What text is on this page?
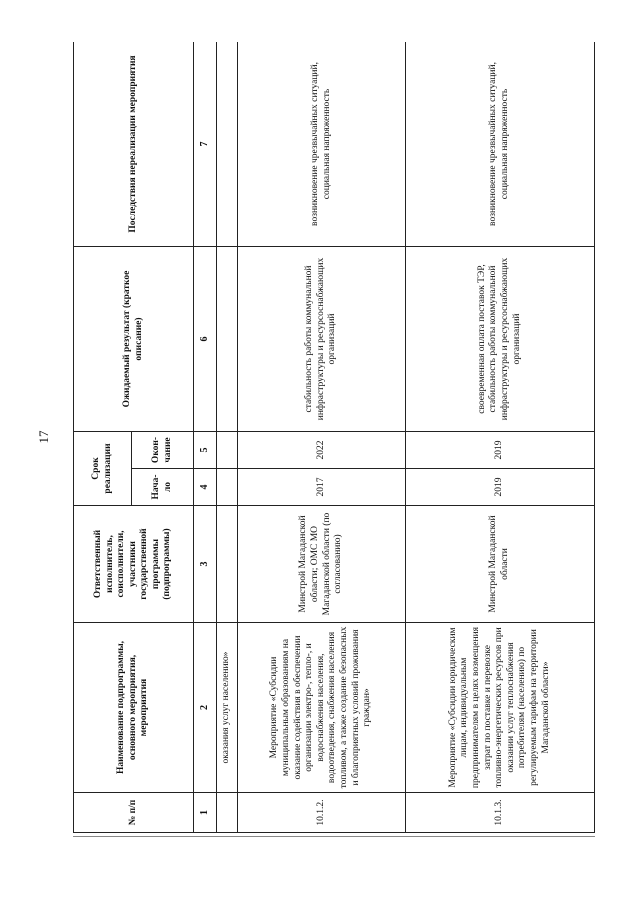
17
№ п/п	Наименование подпрограммы, основного мероприятия, мероприятия	Ответственный исполнитель, соисполнители, участники государственной программы (подпрограммы)	Срок реализации		Ожидаемый результат (краткое описание)	Последствия нереализации мероприятия
			Нача-ло	Окон-чание		
1	2	3	4	5	6	7
	оказания услуг населению»					
10.1.2.	Мероприятие «Субсидии муниципальным образованиям на оказание содействия в обеспечении организации электро-, тепло-, и водоснабжения населения, водоотведения, снабжения населения топливом, а также создание безопасных и благоприятных условий проживания граждан»	Минстрой Магаданской области; ОМС МО Магаданской области (по согласованию)	2017	2022	стабильность работы коммунальной инфраструктуры и ресурсоснабжающих организаций	возникновение чрезвычайных ситуаций, социальная напряженность
10.1.3.	Мероприятие «Субсидии юридическим лицам, индивидуальным предпринимателям в целях возмещения затрат по поставке и перевозке топливно-энергетических ресурсов при оказании услуг теплоснабжения потребителям (населению) по регулируемым тарифам на территории Магаданской области»	Минстрой Магаданской области	2019	2019	своевременная оплата поставок ТЭР, стабильность работы коммунальной инфраструктуры и ресурсоснабжающих организаций	возникновение чрезвычайных ситуаций, социальная напряженность
